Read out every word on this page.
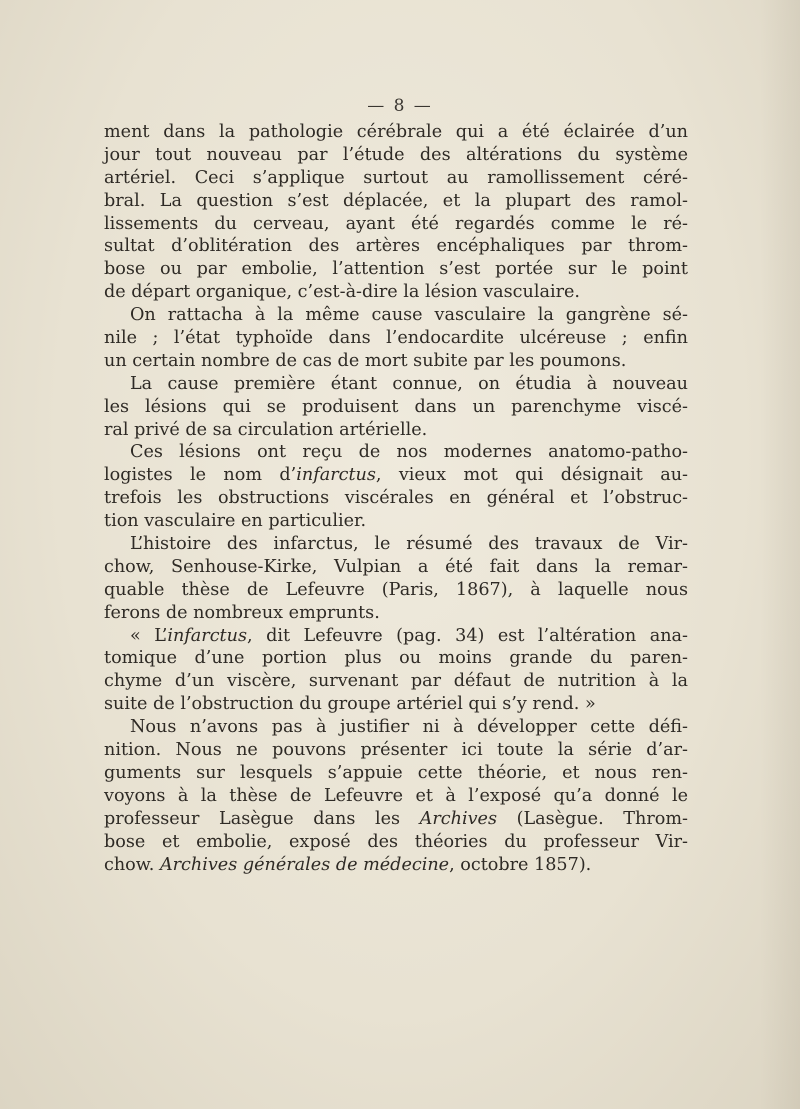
— 8 —
ment dans la pathologie cérébrale qui a été éclairée d’un
jour tout nouveau par l’étude des altérations du système
artériel. Ceci s’applique surtout au ramollissement céré-
bral. La question s’est déplacée, et la plupart des ramol-
lissements du cerveau, ayant été regardés comme le ré-
sultat d’oblitération des artères encéphaliques par throm-
bose ou par embolie, l’attention s’est portée sur le point
de départ organique, c’est-à-dire la lésion vasculaire.
On rattacha à la même cause vasculaire la gangrène sé-
nile ; l’état typhoïde dans l’endocardite ulcéreuse ; enfin
un certain nombre de cas de mort subite par les poumons.
La cause première étant connue, on étudia à nouveau
les lésions qui se produisent dans un parenchyme viscé-
ral privé de sa circulation artérielle.
Ces lésions ont reçu de nos modernes anatomo-patho-
logistes le nom d’infarctus, vieux mot qui désignait au-
trefois les obstructions viscérales en général et l’obstruc-
tion vasculaire en particulier.
L’histoire des infarctus, le résumé des travaux de Vir-
chow, Senhouse-Kirke, Vulpian a été fait dans la remar-
quable thèse de Lefeuvre (Paris, 1867), à laquelle nous
ferons de nombreux emprunts.
« L’infarctus, dit Lefeuvre (pag. 34) est l’altération ana-
tomique d’une portion plus ou moins grande du paren-
chyme d’un viscère, survenant par défaut de nutrition à la
suite de l’obstruction du groupe artériel qui s’y rend. »
Nous n’avons pas à justifier ni à développer cette défi-
nition. Nous ne pouvons présenter ici toute la série d’ar-
guments sur lesquels s’appuie cette théorie, et nous ren-
voyons à la thèse de Lefeuvre et à l’exposé qu’a donné le
professeur Lasègue dans les Archives (Lasègue. Throm-
bose et embolie, exposé des théories du professeur Vir-
chow. Archives générales de médecine, octobre 1857).
